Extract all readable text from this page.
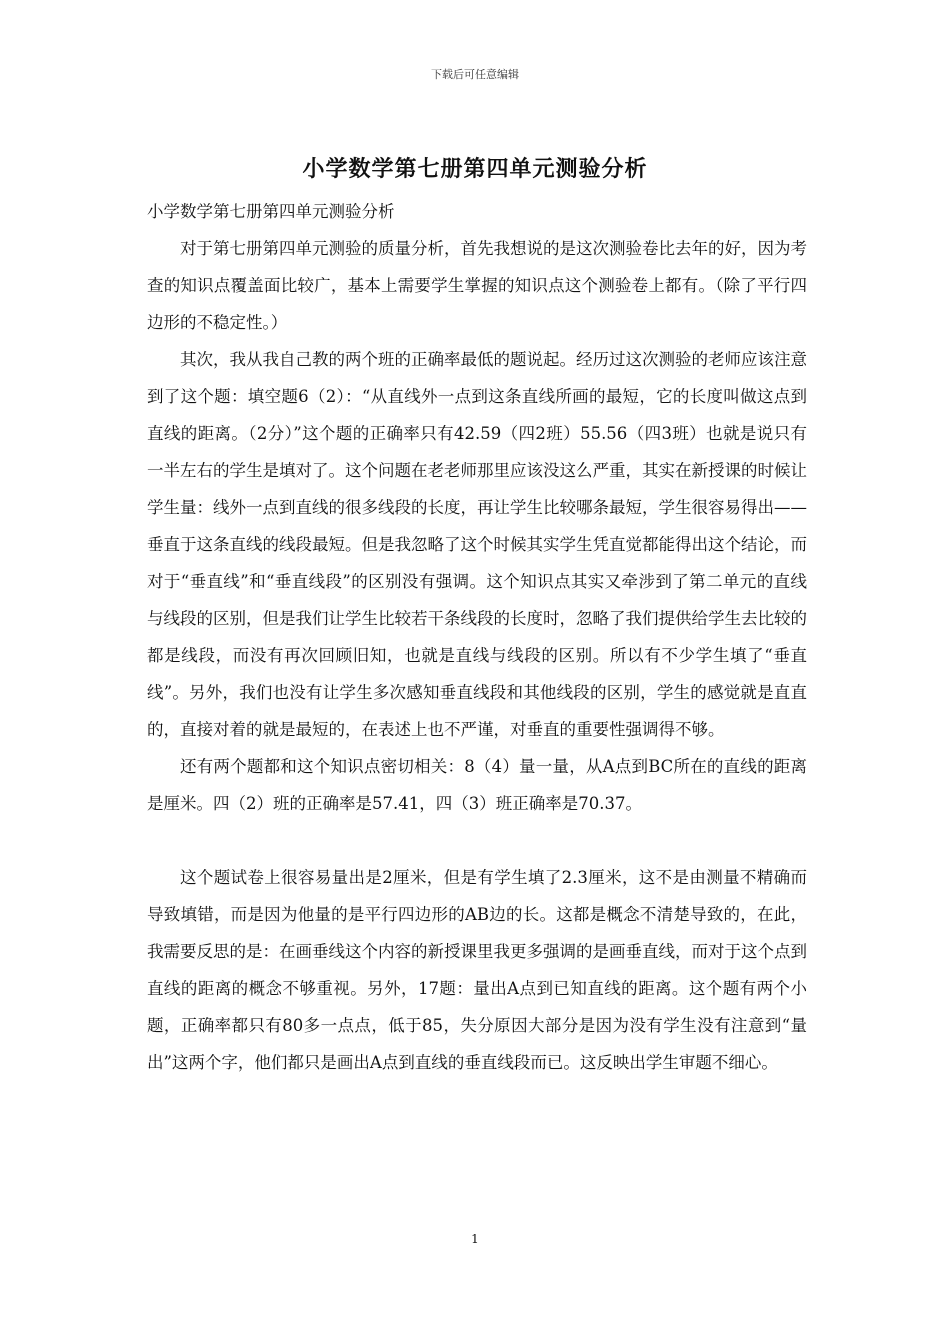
下载后可任意编辑
小学数学第七册第四单元测验分析

小学数学第七册第四单元测验分析

对于第七册第四单元测验的质量分析，首先我想说的是这次测验卷比去年的好，因为考查的知识点覆盖面比较广，基本上需要学生掌握的知识点这个测验卷上都有。（除了平行四边形的不稳定性。）

其次，我从我自己教的两个班的正确率最低的题说起。经历过这次测验的老师应该注意到了这个题：填空题6（2）：“从直线外一点到这条直线所画的最短，它的长度叫做这点到直线的距离。（2分）”这个题的正确率只有42.59（四2班）55.56（四3班）也就是说只有一半左右的学生是填对了。这个问题在老老师那里应该没这么严重，其实在新授课的时候让学生量：线外一点到直线的很多线段的长度，再让学生比较哪条最短，学生很容易得出——垂直于这条直线的线段最短。但是我忽略了这个时候其实学生凭直觉都能得出这个结论，而对于“垂直线”和“垂直线段”的区别没有强调。这个知识点其实又牵涉到了第二单元的直线与线段的区别，但是我们让学生比较若干条线段的长度时，忽略了我们提供给学生去比较的都是线段，而没有再次回顾旧知，也就是直线与线段的区别。所以有不少学生填了“垂直线”。另外，我们也没有让学生多次感知垂直线段和其他线段的区别，学生的感觉就是直直的，直接对着的就是最短的，在表述上也不严谨，对垂直的重要性强调得不够。

还有两个题都和这个知识点密切相关：8（4）量一量，从A点到BC所在的直线的距离是厘米。四（2）班的正确率是57.41，四（3）班正确率是70.37。

这个题试卷上很容易量出是2厘米，但是有学生填了2.3厘米，这不是由测量不精确而导致填错，而是因为他量的是平行四边形的AB边的长。这都是概念不清楚导致的，在此，我需要反思的是：在画垂线这个内容的新授课里我更多强调的是画垂直线，而对于这个点到直线的距离的概念不够重视。另外，17题：量出A点到已知直线的距离。这个题有两个小题，正确率都只有80多一点点，低于85，失分原因大部分是因为没有学生没有注意到“量出”这两个字，他们都只是画出A点到直线的垂直线段而已。这反映出学生审题不细心。

1
